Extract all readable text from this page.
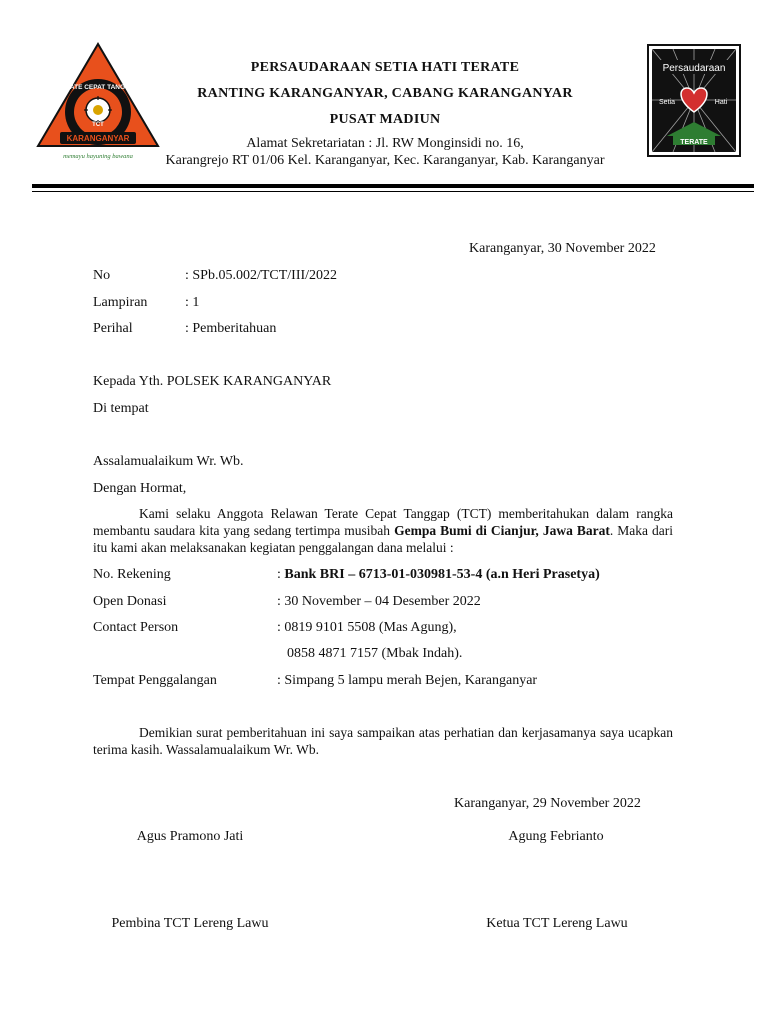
TCT
TERATE CEPAT TANGGAP
KARANGANYAR
memayu hayuning bawana
Persaudaraan
Setia	Hati
TERATE
PERSAUDARAAN SETIA HATI TERATE
RANTING KARANGANYAR, CABANG KARANGANYAR
PUSAT MADIUN
Alamat Sekretariatan : Jl. RW Monginsidi no. 16,
Karangrejo RT 01/06 Kel. Karanganyar, Kec. Karanganyar, Kab. Karanganyar
Karanganyar, 30 November 2022
No	: SPb.05.002/TCT/III/2022
Lampiran	: 1
Perihal	: Pemberitahuan
Kepada Yth. POLSEK KARANGANYAR
Di tempat
Assalamualaikum Wr. Wb.
Dengan Hormat,
Kami selaku Anggota Relawan Terate Cepat Tanggap (TCT) memberitahukan dalam rangka membantu saudara kita yang sedang tertimpa musibah Gempa Bumi di Cianjur, Jawa Barat. Maka dari itu kami akan melaksanakan kegiatan penggalangan dana melalui :
No. Rekening	: Bank BRI – 6713-01-030981-53-4 (a.n Heri Prasetya)
Open Donasi	: 30 November – 04 Desember 2022
Contact Person	: 0819 9101 5508 (Mas Agung),
0858 4871 7157 (Mbak Indah).
Tempat Penggalangan	: Simpang 5 lampu merah Bejen, Karanganyar
Demikian surat pemberitahuan ini saya sampaikan atas perhatian dan kerjasamanya saya ucapkan terima kasih. Wassalamualaikum Wr. Wb.
Karanganyar, 29 November 2022
Agus Pramono Jati	Agung Febrianto
Pembina TCT Lereng Lawu	Ketua TCT Lereng Lawu
